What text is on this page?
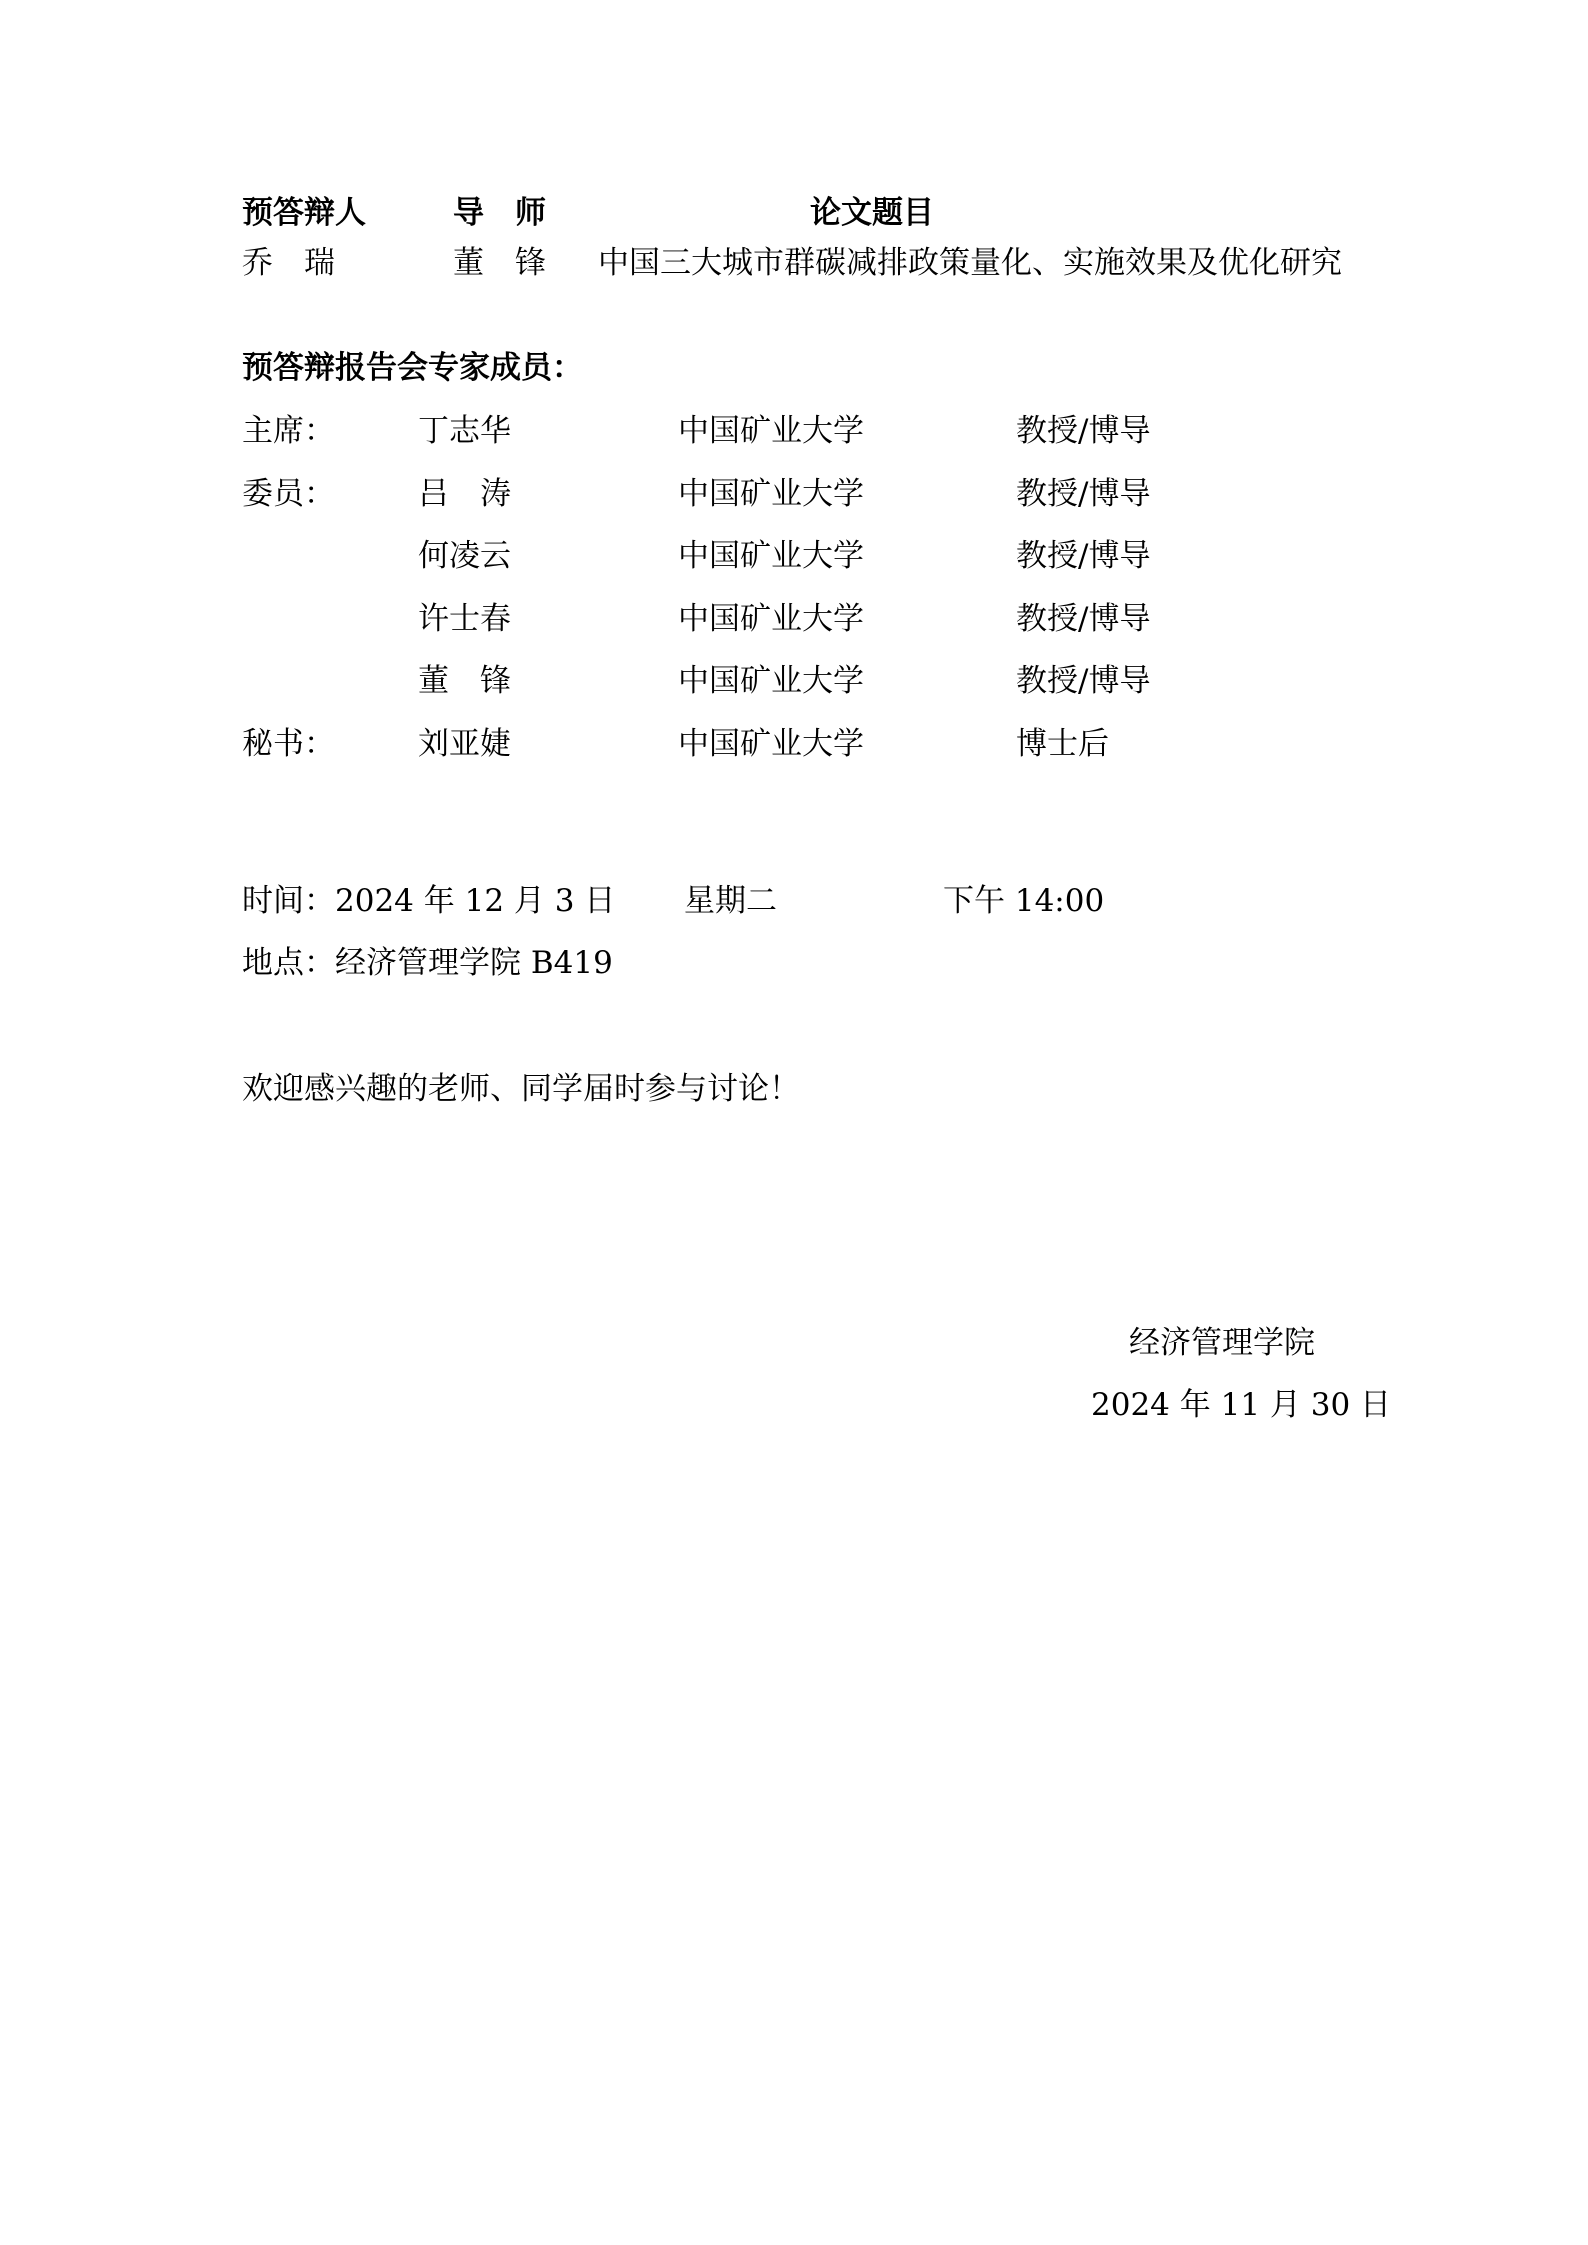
预答辩人	导　师	论文题目
乔　瑞	董　锋 中国三大城市群碳减排政策量化、实施效果及优化研究
预答辩报告会专家成员：
主席：	丁志华	中国矿业大学	教授/博导
委员：	吕　涛	中国矿业大学	教授/博导
何凌云	中国矿业大学	教授/博导
许士春	中国矿业大学	教授/博导
董　锋	中国矿业大学	教授/博导
秘书：	刘亚婕	中国矿业大学	博士后
时间：2024 年 12 月 3 日 星期二	下午 14:00
地点：经济管理学院 B419
欢迎感兴趣的老师、同学届时参与讨论！
经济管理学院
2024 年 11 月 30 日
